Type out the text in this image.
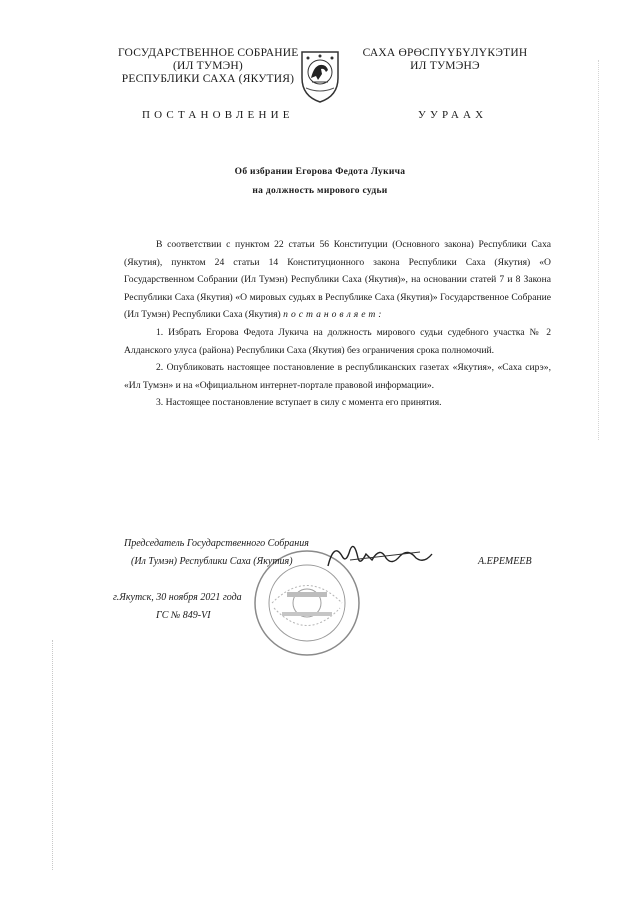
ГОСУДАРСТВЕННОЕ СОБРАНИЕ
(ИЛ ТУМЭН)
РЕСПУБЛИКИ САХА (ЯКУТИЯ)
САХА ӨРӨСПҮҮБҮЛҮКЭТИН
ИЛ ТУМЭНЭ
ПОСТАНОВЛЕНИЕ	УУРААХ
Об избрании Егорова Федота Лукича
на должность мирового судьи

В соответствии с пунктом 22 статьи 56 Конституции (Основного закона) Республики Саха (Якутия), пунктом 24 статьи 14 Конституционного закона Республики Саха (Якутия) «О Государственном Собрании (Ил Тумэн) Республики Саха (Якутия)», на основании статей 7 и 8 Закона Республики Саха (Якутия) «О мировых судьях в Республике Саха (Якутия)» Государственное Собрание (Ил Тумэн) Республики Саха (Якутия) постановляет:

1. Избрать Егорова Федота Лукича на должность мирового судьи судебного участка № 2 Алданского улуса (района) Республики Саха (Якутия) без ограничения срока полномочий.

2. Опубликовать настоящее постановление в республиканских газетах «Якутия», «Саха сирэ», «Ил Тумэн» и на «Официальном интернет-портале правовой информации».

3. Настоящее постановление вступает в силу с момента его принятия.

Председатель Государственного Собрания
(Ил Тумэн) Республики Саха (Якутия)	А.ЕРЕМЕЕВ
г.Якутск, 30 ноября 2021 года
ГС № 849-VI
